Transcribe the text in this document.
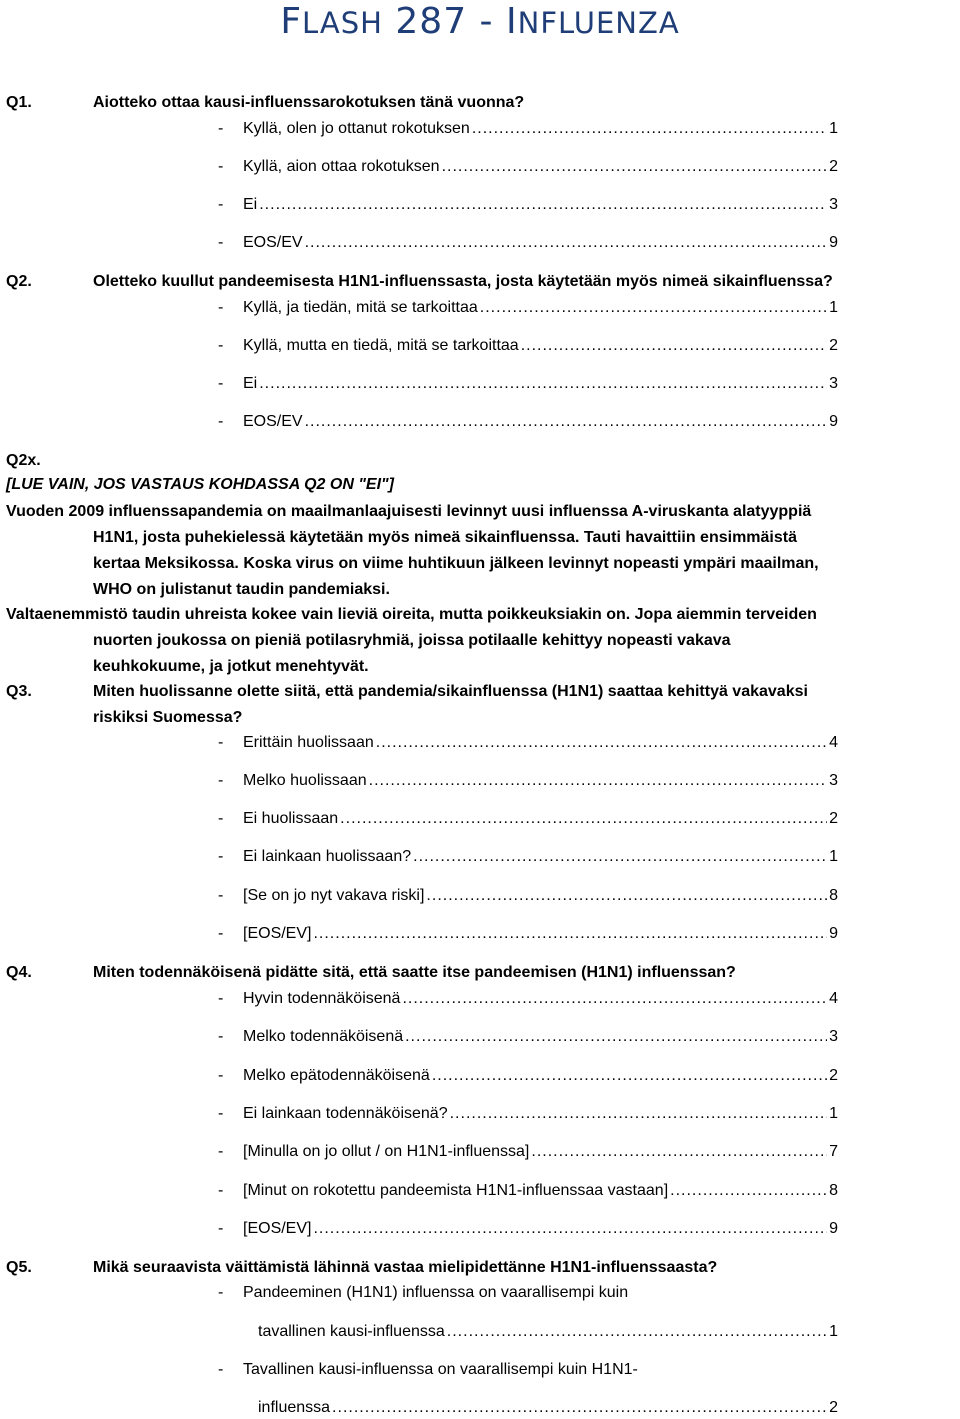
FLASH 287 - INFLUENZA
Q1.	Aiotteko ottaa kausi-influenssarokotuksen tänä vuonna?
-	Kyllä, olen jo ottanut rokotuksen .....	1
-	Kyllä, aion ottaa rokotuksen .....	2
-	Ei .....	3
-	EOS/EV .....	9
Q2.	Oletteko kuullut pandeemisesta H1N1-influenssasta, josta käytetään myös nimeä sikainfluenssa?
-	Kyllä, ja tiedän, mitä se tarkoittaa .....	1
-	Kyllä, mutta en tiedä, mitä se tarkoittaa .....	2
-	Ei .....	3
-	EOS/EV .....	9
Q2x.
[LUE VAIN, JOS VASTAUS KOHDASSA Q2 ON "EI"]
Vuoden 2009 influenssapandemia on maailmanlaajuisesti levinnyt uusi influenssa A-viruskanta alatyyppiä
H1N1, josta puhekielessä käytetään myös nimeä sikainfluenssa. Tauti havaittiin ensimmäistä
kertaa Meksikossa. Koska virus on viime huhtikuun jälkeen levinnyt nopeasti ympäri maailman,
WHO on julistanut taudin pandemiaksi.
Valtaenemmistö taudin uhreista kokee vain lieviä oireita, mutta poikkeuksiakin on. Jopa aiemmin terveiden
nuorten joukossa on pieniä potilasryhmiä, joissa potilaalle kehittyy nopeasti vakava
keuhkokuume, ja jotkut menehtyvät.
Q3.	Miten huolissanne olette siitä, että pandemia/sikainfluenssa (H1N1) saattaa kehittyä vakavaksi
riskiksi Suomessa?
-	Erittäin huolissaan .....	4
-	Melko huolissaan .....	3
-	Ei huolissaan .....	2
-	Ei lainkaan huolissaan? .....	1
-	[Se on jo nyt vakava riski] .....	8
-	[EOS/EV] .....	9
Q4.	Miten todennäköisenä pidätte sitä, että saatte itse pandeemisen (H1N1) influenssan?
-	Hyvin todennäköisenä .....	4
-	Melko todennäköisenä .....	3
-	Melko epätodennäköisenä .....	2
-	Ei lainkaan todennäköisenä? .....	1
-	[Minulla on jo ollut / on H1N1-influenssa] .....	7
-	[Minut on rokotettu pandeemista H1N1-influenssaa vastaan] .....	8
-	[EOS/EV] .....	9
Q5.	Mikä seuraavista väittämistä lähinnä vastaa mielipidettänne H1N1-influenssaasta?
- Pandeeminen (H1N1) influenssa on vaarallisempi kuin
tavallinen kausi-influenssa .....	1
- Tavallinen kausi-influenssa on vaarallisempi kuin H1N1-
influenssa .....	2
